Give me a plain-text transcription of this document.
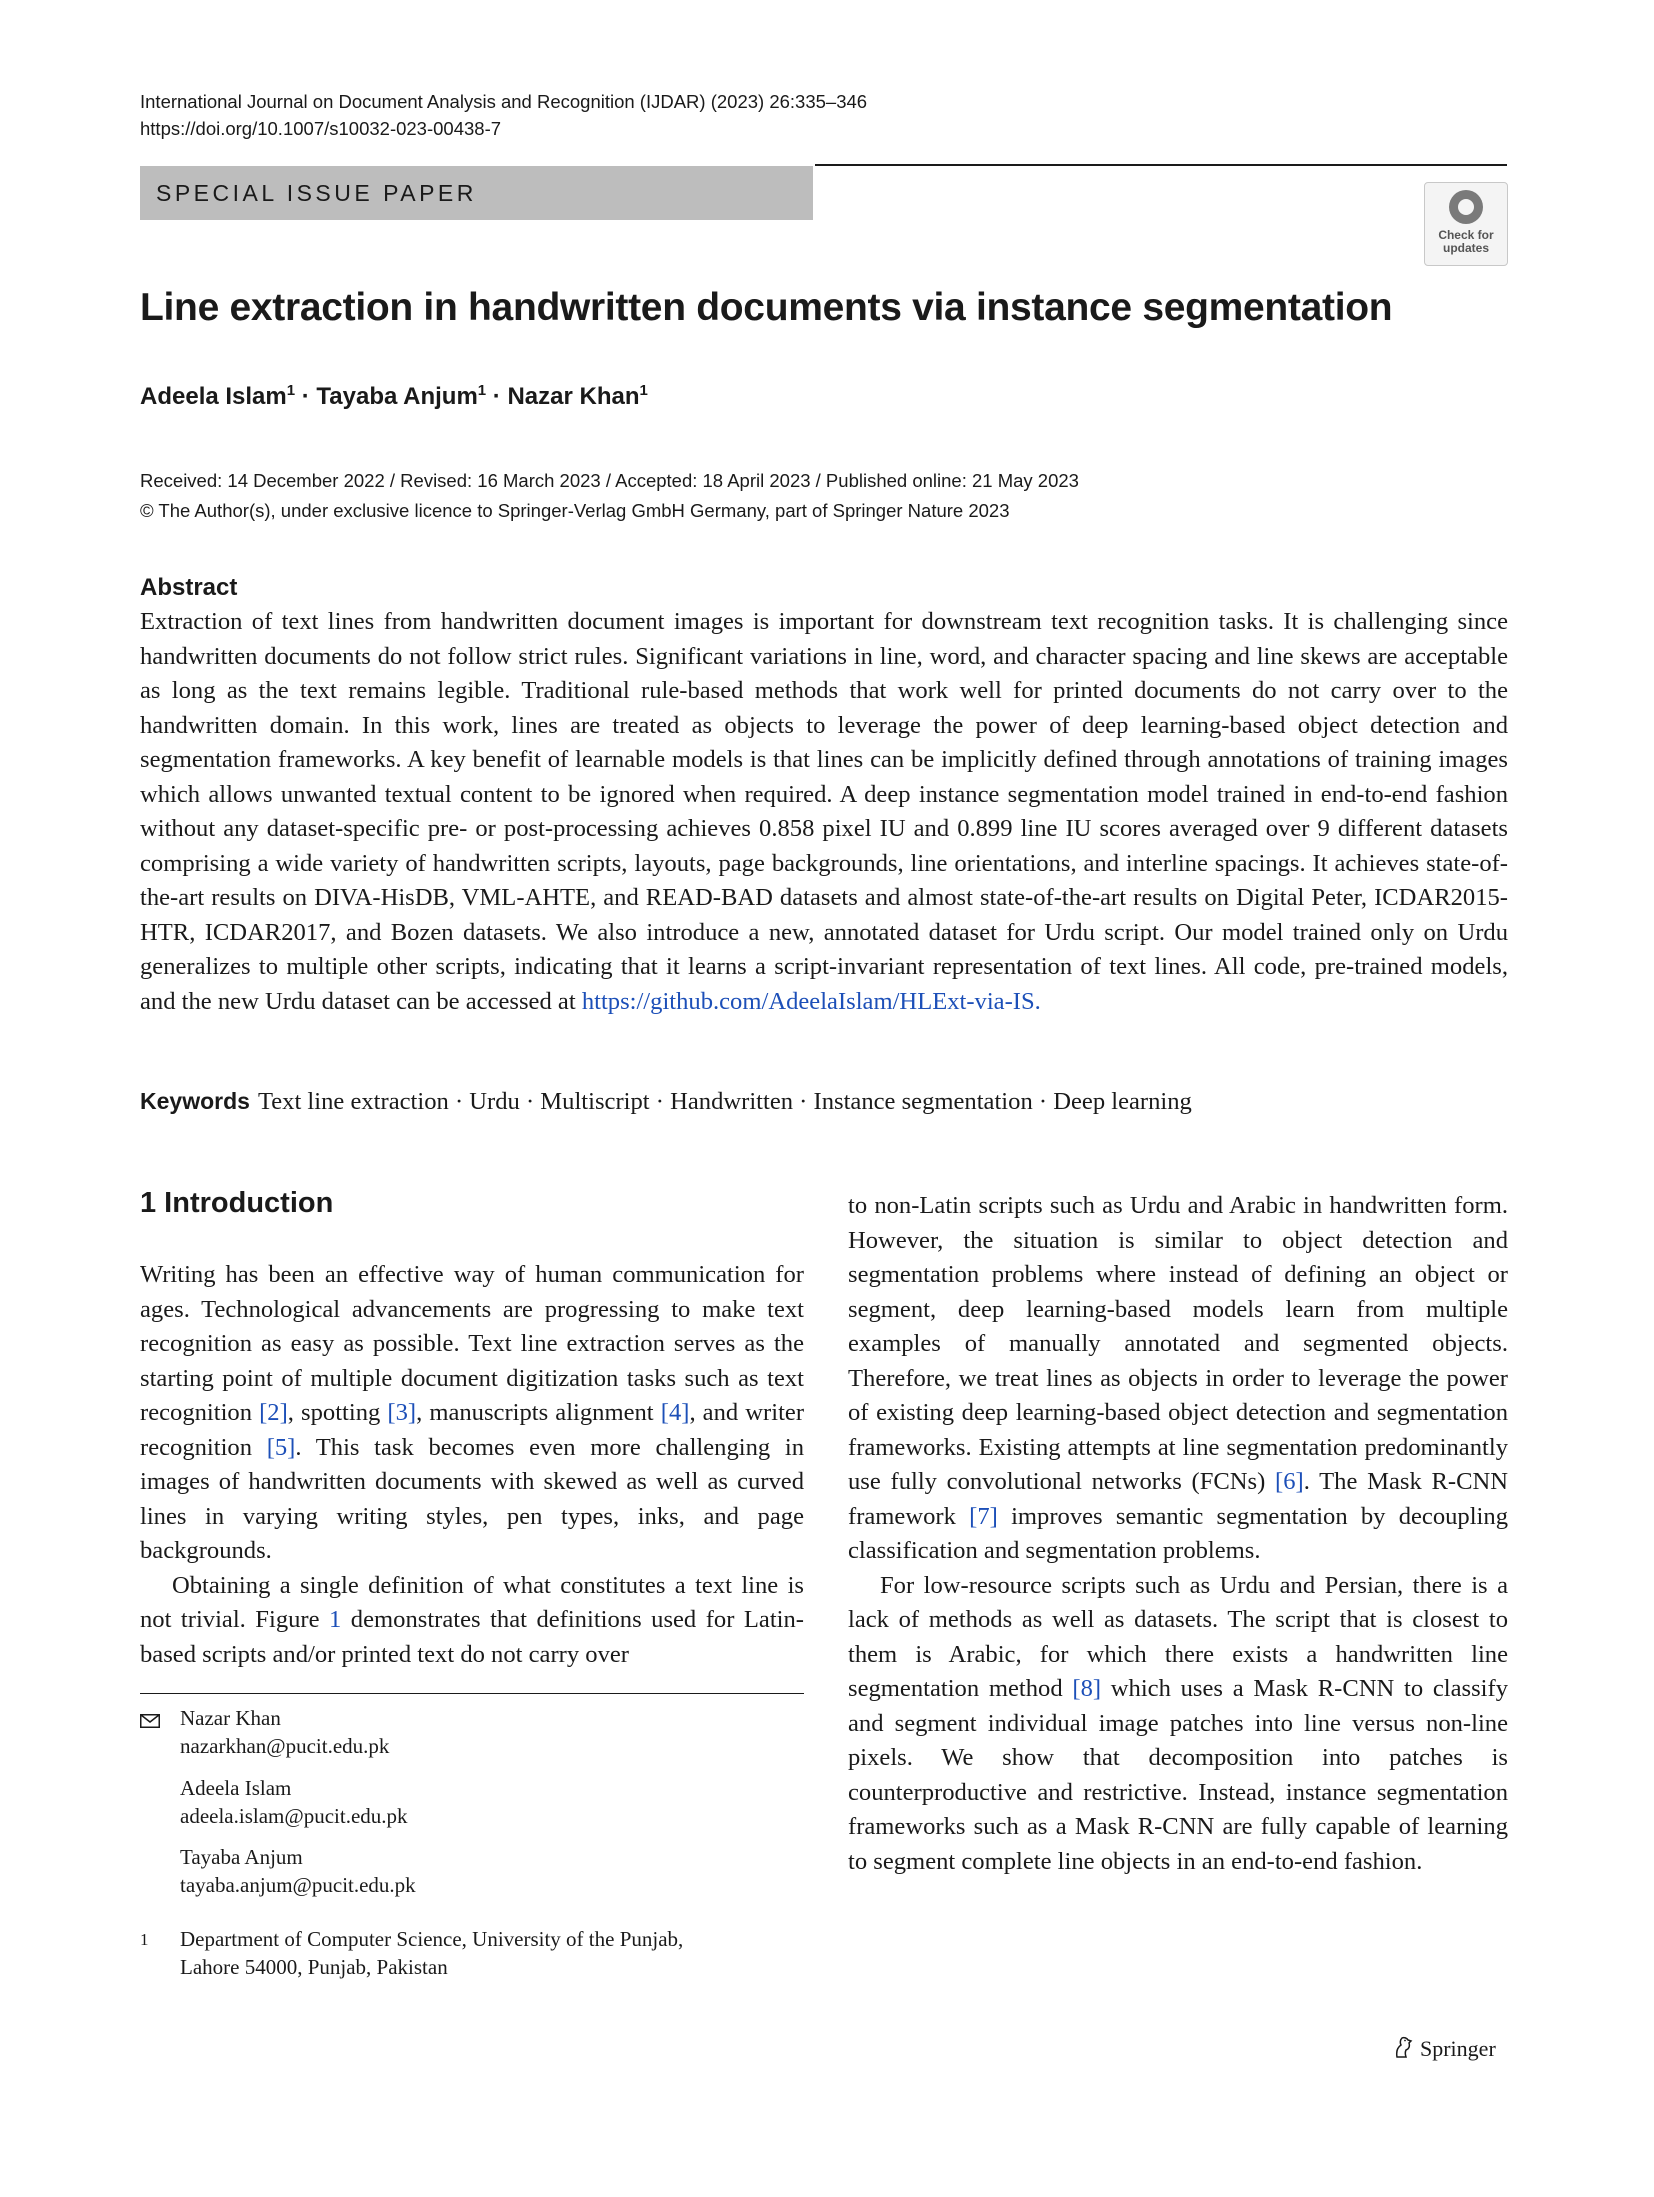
International Journal on Document Analysis and Recognition (IJDAR) (2023) 26:335–346
https://doi.org/10.1007/s10032-023-00438-7
SPECIAL ISSUE PAPER
Check for
updates
Line extraction in handwritten documents via instance segmentation
Adeela Islam$^1$ · Tayaba Anjum$^1$ · Nazar Khan$^1$
Received: 14 December 2022 / Revised: 16 March 2023 / Accepted: 18 April 2023 / Published online: 21 May 2023
© The Author(s), under exclusive licence to Springer-Verlag GmbH Germany, part of Springer Nature 2023
Abstract
Extraction of text lines from handwritten document images is important for downstream text recognition tasks. It is challenging since handwritten documents do not follow strict rules. Significant variations in line, word, and character spacing and line skews are acceptable as long as the text remains legible. Traditional rule-based methods that work well for printed documents do not carry over to the handwritten domain. In this work, lines are treated as objects to leverage the power of deep learning-based object detection and segmentation frameworks. A key benefit of learnable models is that lines can be implicitly defined through annotations of training images which allows unwanted textual content to be ignored when required. A deep instance segmentation model trained in end-to-end fashion without any dataset-specific pre- or post-processing achieves 0.858 pixel IU and 0.899 line IU scores averaged over 9 different datasets comprising a wide variety of handwritten scripts, layouts, page backgrounds, line orientations, and interline spacings. It achieves state-of-the-art results on DIVA-HisDB, VML-AHTE, and READ-BAD datasets and almost state-of-the-art results on Digital Peter, ICDAR2015-HTR, ICDAR2017, and Bozen datasets. We also introduce a new, annotated dataset for Urdu script. Our model trained only on Urdu generalizes to multiple other scripts, indicating that it learns a script-invariant representation of text lines. All code, pre-trained models, and the new Urdu dataset can be accessed at https://github.com/AdeelaIslam/HLExt-via-IS.
Keywords Text line extraction · Urdu · Multiscript · Handwritten · Instance segmentation · Deep learning
1 Introduction

Writing has been an effective way of human communication for ages. Technological advancements are progressing to make text recognition as easy as possible. Text line extraction serves as the starting point of multiple document digitization tasks such as text recognition [2], spotting [3], manuscripts alignment [4], and writer recognition [5]. This task becomes even more challenging in images of handwritten documents with skewed as well as curved lines in varying writing styles, pen types, inks, and page backgrounds.

Obtaining a single definition of what constitutes a text line is not trivial. Figure 1 demonstrates that definitions used for Latin-based scripts and/or printed text do not carry over

to non-Latin scripts such as Urdu and Arabic in handwritten form. However, the situation is similar to object detection and segmentation problems where instead of defining an object or segment, deep learning-based models learn from multiple examples of manually annotated and segmented objects. Therefore, we treat lines as objects in order to leverage the power of existing deep learning-based object detection and segmentation frameworks. Existing attempts at line segmentation predominantly use fully convolutional networks (FCNs) [6]. The Mask R-CNN framework [7] improves semantic segmentation by decoupling classification and segmentation problems.

For low-resource scripts such as Urdu and Persian, there is a lack of methods as well as datasets. The script that is closest to them is Arabic, for which there exists a handwritten line segmentation method [8] which uses a Mask R-CNN to classify and segment individual image patches into line versus non-line pixels. We show that decomposition into patches is counterproductive and restrictive. Instead, instance segmentation frameworks such as a Mask R-CNN are fully capable of learning to segment complete line objects in an end-to-end fashion.

Nazar Khan
nazarkhan@pucit.edu.pk
Adeela Islam
adeela.islam@pucit.edu.pk
Tayaba Anjum
tayaba.anjum@pucit.edu.pk
1 Department of Computer Science, University of the Punjab,
Lahore 54000, Punjab, Pakistan
Springer
